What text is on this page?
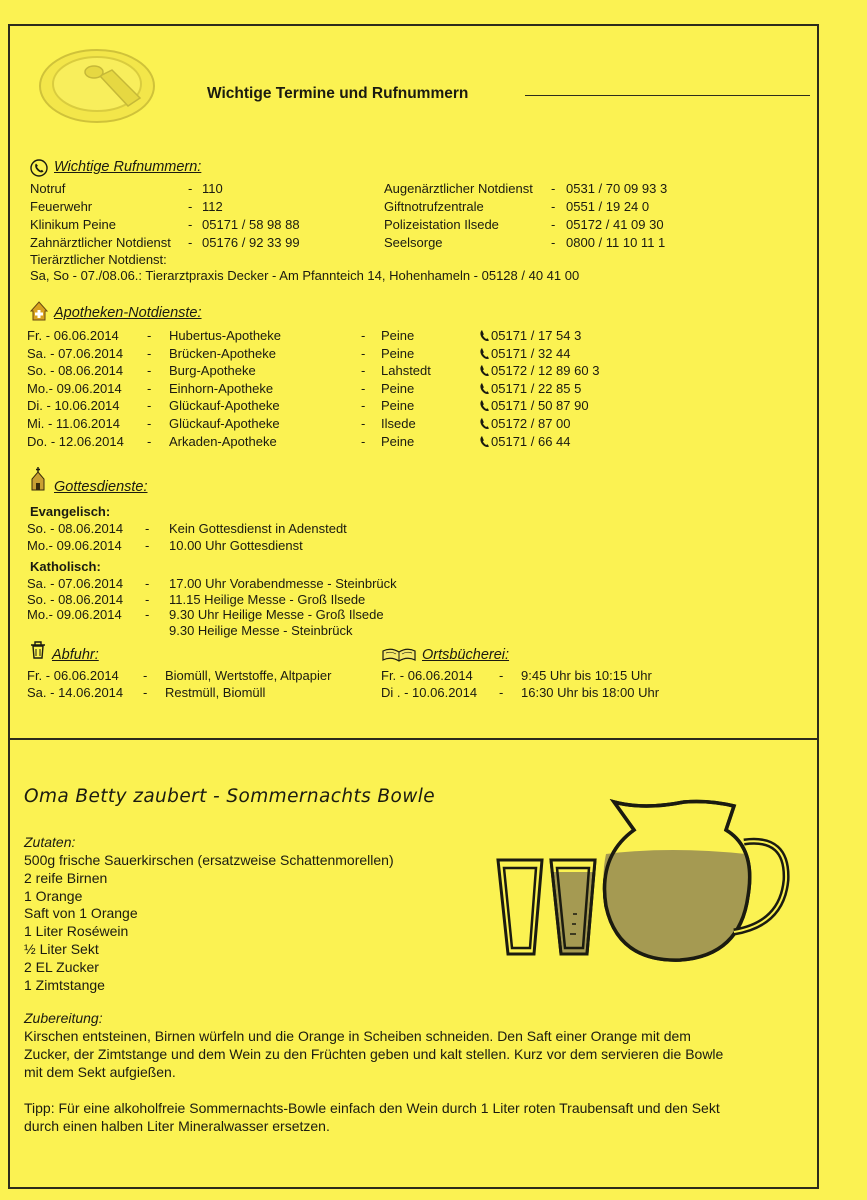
Wichtige Termine und Rufnummern
Wichtige Rufnummern:
Notruf	- 110
Feuerwehr	- 112
Klinikum Peine	- 05171 / 58 98 88
Zahnärztlicher Notdienst - 05176 / 92 33 99
Augenärztlicher Notdienst - 0531 / 70 09 93 3
Giftnotrufzentrale	- 0551 / 19 24 0
Polizeistation Ilsede	- 05172 / 41 09 30
Seelsorge	- 0800 / 11 10 11 1
Tierärztlicher Notdienst:
Sa, So - 07./08.06.: Tierarztpraxis Decker - Am Pfannteich 14, Hohenhameln - 05128 / 40 41 00
Apotheken-Notdienste:
Fr. - 06.06.2014 - Hubertus-Apotheke	- Peine	05171 / 17 54 3
Sa. - 07.06.2014 - Brücken-Apotheke	- Peine	05171 / 32 44
So. - 08.06.2014 - Burg-Apotheke	- Lahstedt	05172 / 12 89 60 3
Mo.- 09.06.2014 - Einhorn-Apotheke	- Peine	05171 / 22 85 5
Di. - 10.06.2014 - Glückauf-Apotheke	- Peine	05171 / 50 87 90
Mi. - 11.06.2014 - Glückauf-Apotheke	- Ilsede	05172 / 87 00
Do. - 12.06.2014 - Arkaden-Apotheke	- Peine	05171 / 66 44
Gottesdienste:
Evangelisch:
So. - 08.06.2014 - Kein Gottesdienst in Adenstedt
Mo.- 09.06.2014 - 10.00 Uhr Gottesdienst
Katholisch:
Sa. - 07.06.2014 - 17.00 Uhr Vorabendmesse - Steinbrück
So. - 08.06.2014 - 11.15 Heilige Messe - Groß Ilsede
Mo.- 09.06.2014 - 9.30 Uhr Heilige Messe - Groß Ilsede
9.30 Heilige Messe - Steinbrück
Abfuhr:
Fr. - 06.06.2014 - Biomüll, Wertstoffe, Altpapier
Sa. - 14.06.2014 - Restmüll, Biomüll
Ortsbücherei:
Fr. - 06.06.2014 - 9:45 Uhr bis 10:15 Uhr
Di . - 10.06.2014 - 16:30 Uhr bis 18:00 Uhr
Oma Betty zaubert - Sommernachts Bowle
Zutaten:
500g frische Sauerkirschen (ersatzweise Schattenmorellen)
2 reife Birnen
1 Orange
Saft von 1 Orange
1 Liter Roséwein
½ Liter Sekt
2 EL Zucker
1 Zimtstange
Zubereitung:
Kirschen entsteinen, Birnen würfeln und die Orange in Scheiben schneiden. Den Saft einer Orange mit dem
Zucker, der Zimtstange und dem Wein zu den Früchten geben und kalt stellen. Kurz vor dem servieren die Bowle
mit dem Sekt aufgießen.
Tipp: Für eine alkoholfreie Sommernachts-Bowle einfach den Wein durch 1 Liter roten Traubensaft und den Sekt
durch einen halben Liter Mineralwasser ersetzen.
